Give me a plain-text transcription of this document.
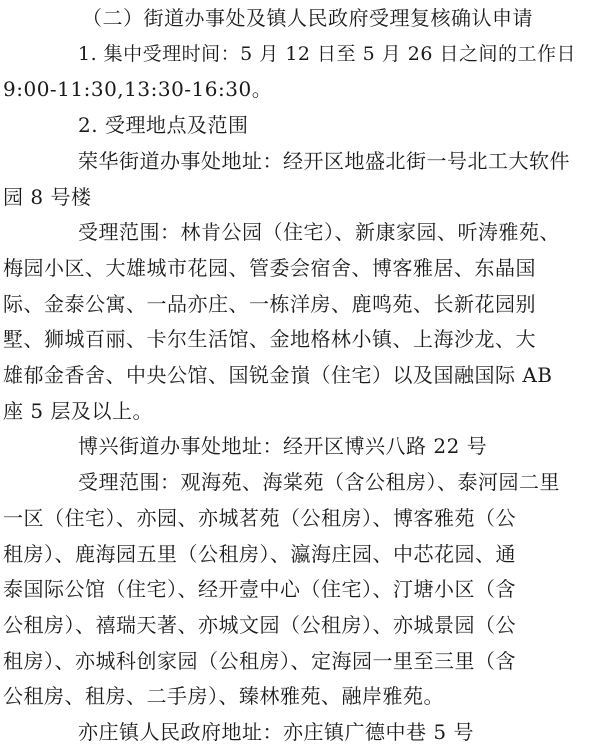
（二）街道办事处及镇人民政府受理复核确认申请
1. 集中受理时间：5 月 12 日至 5 月 26 日之间的工作日
9:00-11:30,13:30-16:30。
2. 受理地点及范围
荣华街道办事处地址：经开区地盛北街一号北工大软件
园 8 号楼
受理范围：林肯公园（住宅）、新康家园、听涛雅苑、
梅园小区、大雄城市花园、管委会宿舍、博客雅居、东晶国
际、金泰公寓、一品亦庄、一栋洋房、鹿鸣苑、长新花园别
墅、狮城百丽、卡尔生活馆、金地格林小镇、上海沙龙、大
雄郁金香舍、中央公馆、国锐金嵿（住宅）以及国融国际 AB
座 5 层及以上。
博兴街道办事处地址：经开区博兴八路 22 号
受理范围：观海苑、海棠苑（含公租房）、泰河园二里
一区（住宅）、亦园、亦城茗苑（公租房）、博客雅苑（公
租房）、鹿海园五里（公租房）、瀛海庄园、中芯花园、通
泰国际公馆（住宅）、经开壹中心（住宅）、汀塘小区（含
公租房）、禧瑞天著、亦城文园（公租房）、亦城景园（公
租房）、亦城科创家园（公租房）、定海园一里至三里（含
公租房、租房、二手房）、臻林雅苑、融岸雅苑。
亦庄镇人民政府地址：亦庄镇广德中巷 5 号
